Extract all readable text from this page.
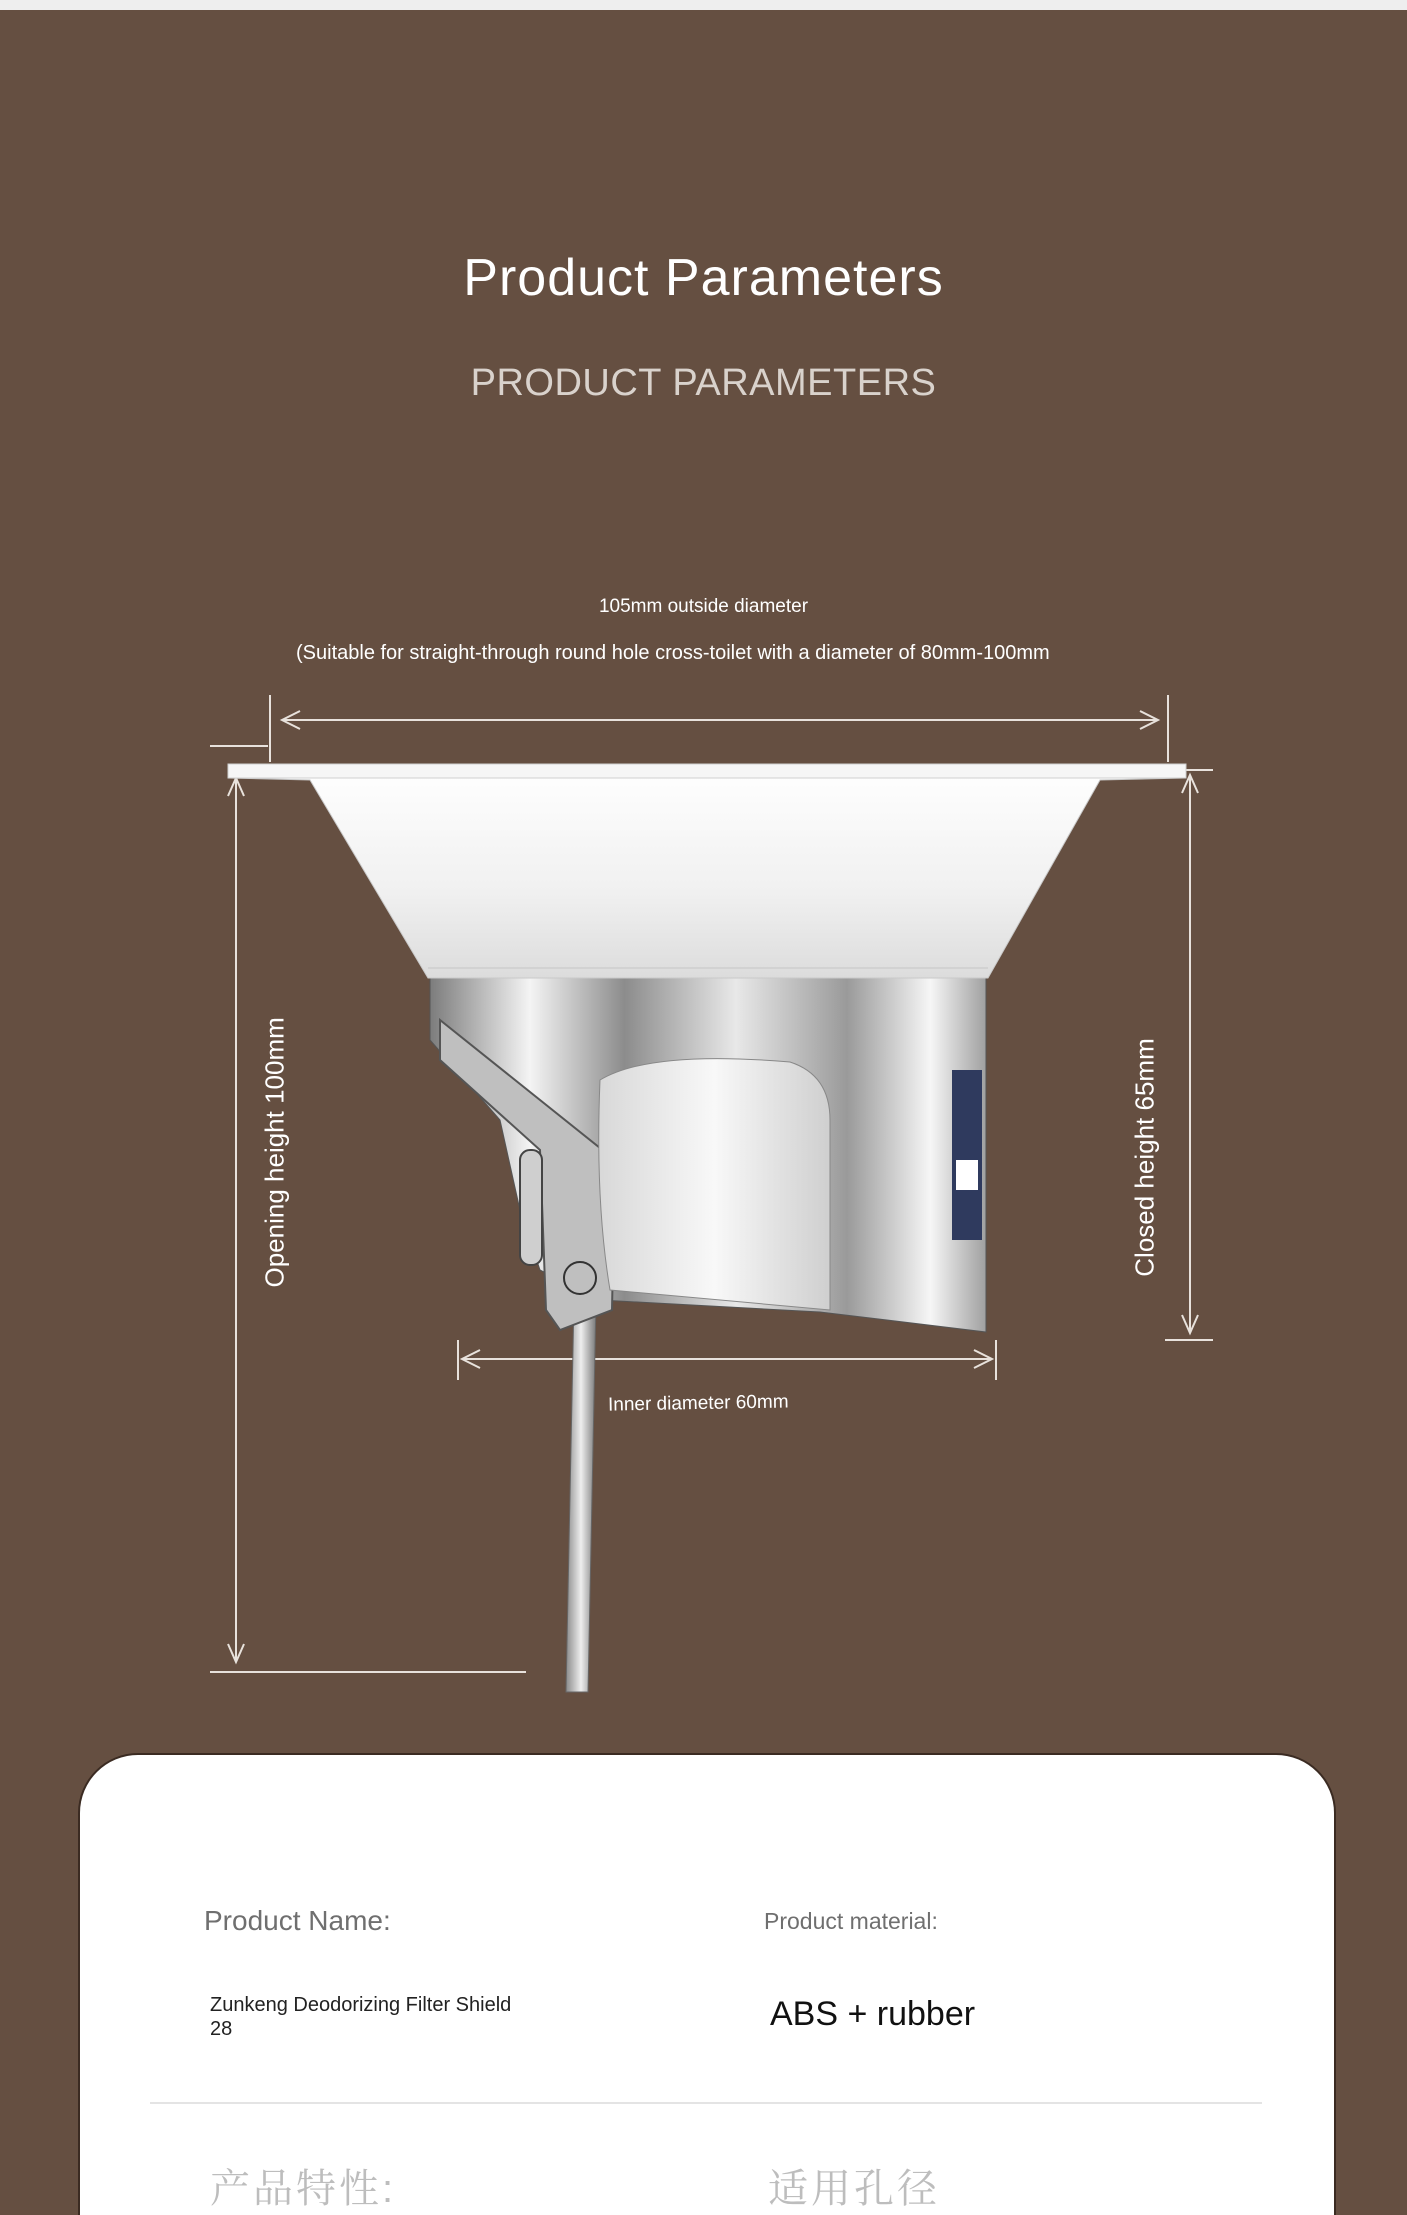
Product Parameters
PRODUCT PARAMETERS
105mm outside diameter
(Suitable for straight-through round hole cross-toilet with a diameter of 80mm-100mm
Opening height 100mm	Closed height 65mm
Inner diameter 60mm
Product Name:	Product material:
Zunkeng Deodorizing Filter Shield 28	ABS + rubber
产品特性:	适用孔径
